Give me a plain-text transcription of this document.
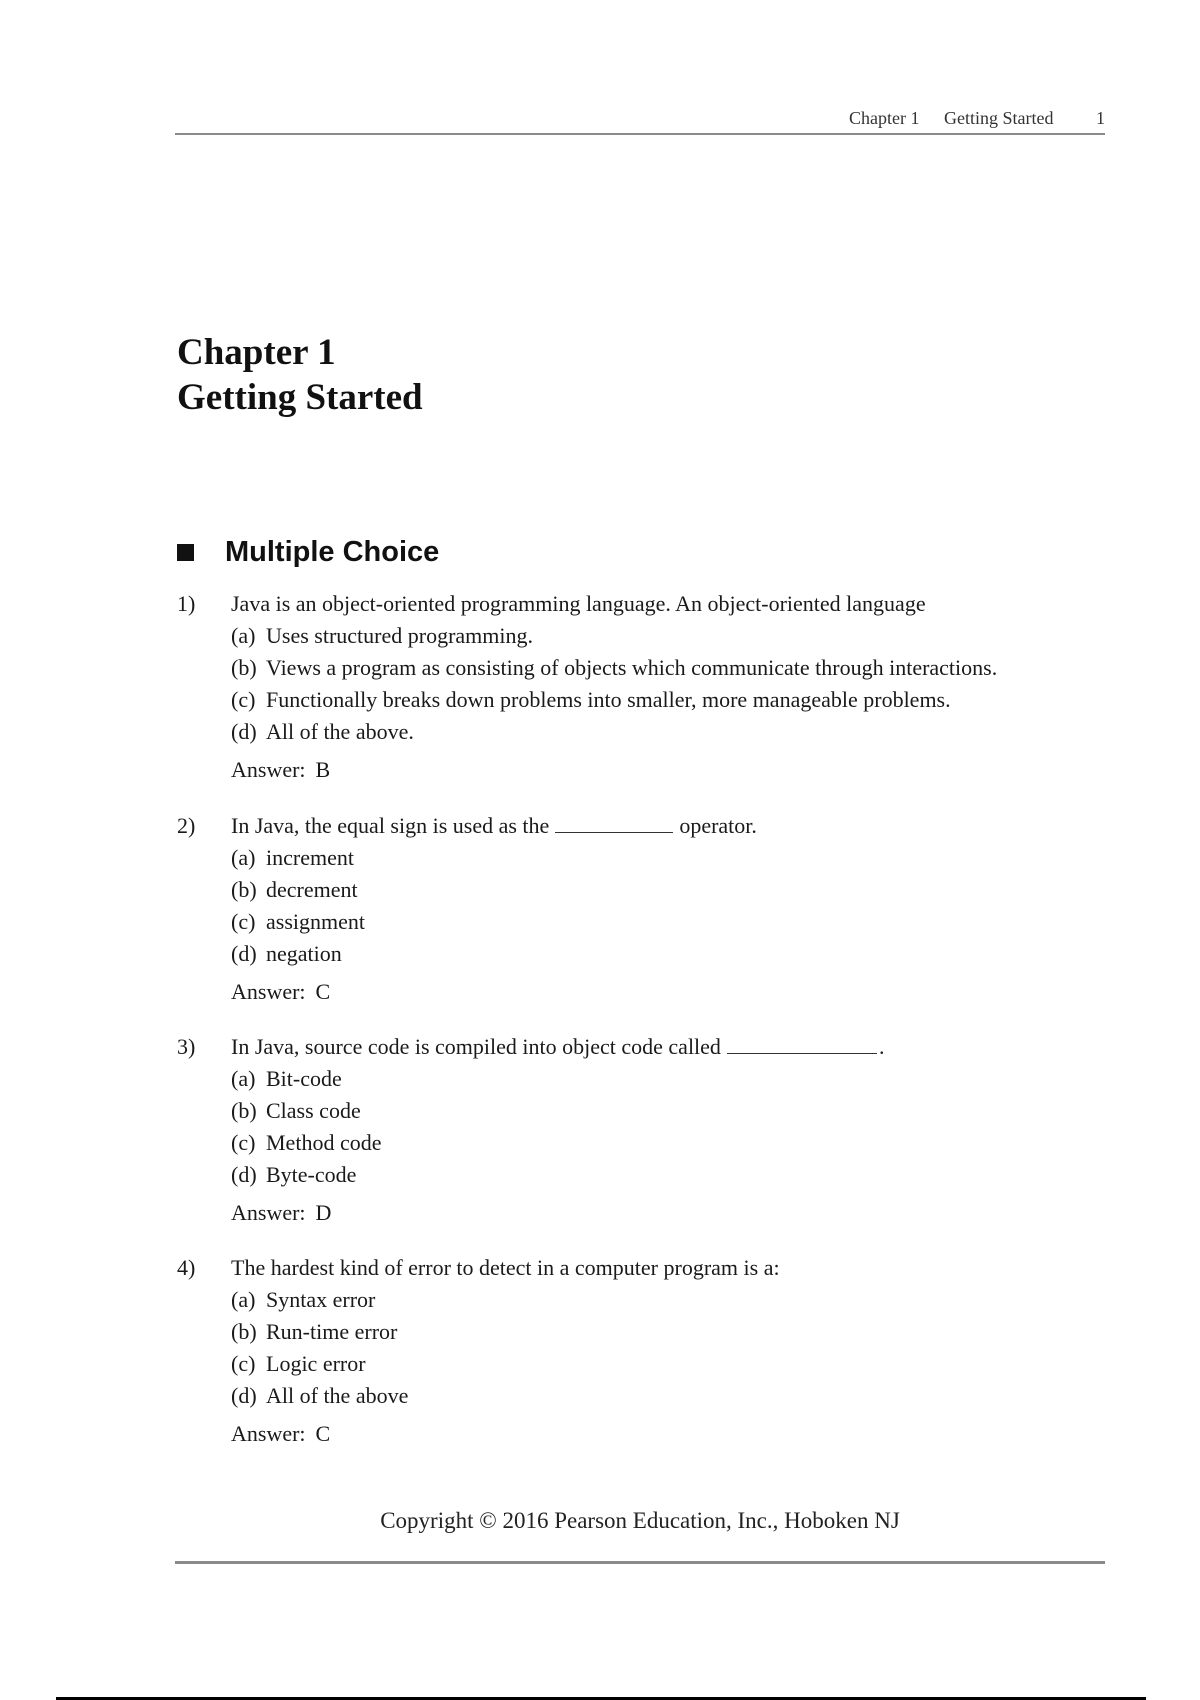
Chapter 1 Getting Started 1
Chapter 1
Getting Started
Multiple Choice
1) Java is an object-oriented programming language. An object-oriented language
(a) Uses structured programming.
(b) Views a program as consisting of objects which communicate through interactions.
(c) Functionally breaks down problems into smaller, more manageable problems.
(d) All of the above.
Answer: B
2) In Java, the equal sign is used as the	operator.
(a) increment
(b) decrement
(c) assignment
(d) negation
Answer: C
3) In Java, source code is compiled into object code called	.
(a) Bit-code
(b) Class code
(c) Method code
(d) Byte-code
Answer: D
4) The hardest kind of error to detect in a computer program is a:
(a) Syntax error
(b) Run-time error
(c) Logic error
(d) All of the above
Answer: C
Copyright © 2016 Pearson Education, Inc., Hoboken NJ
